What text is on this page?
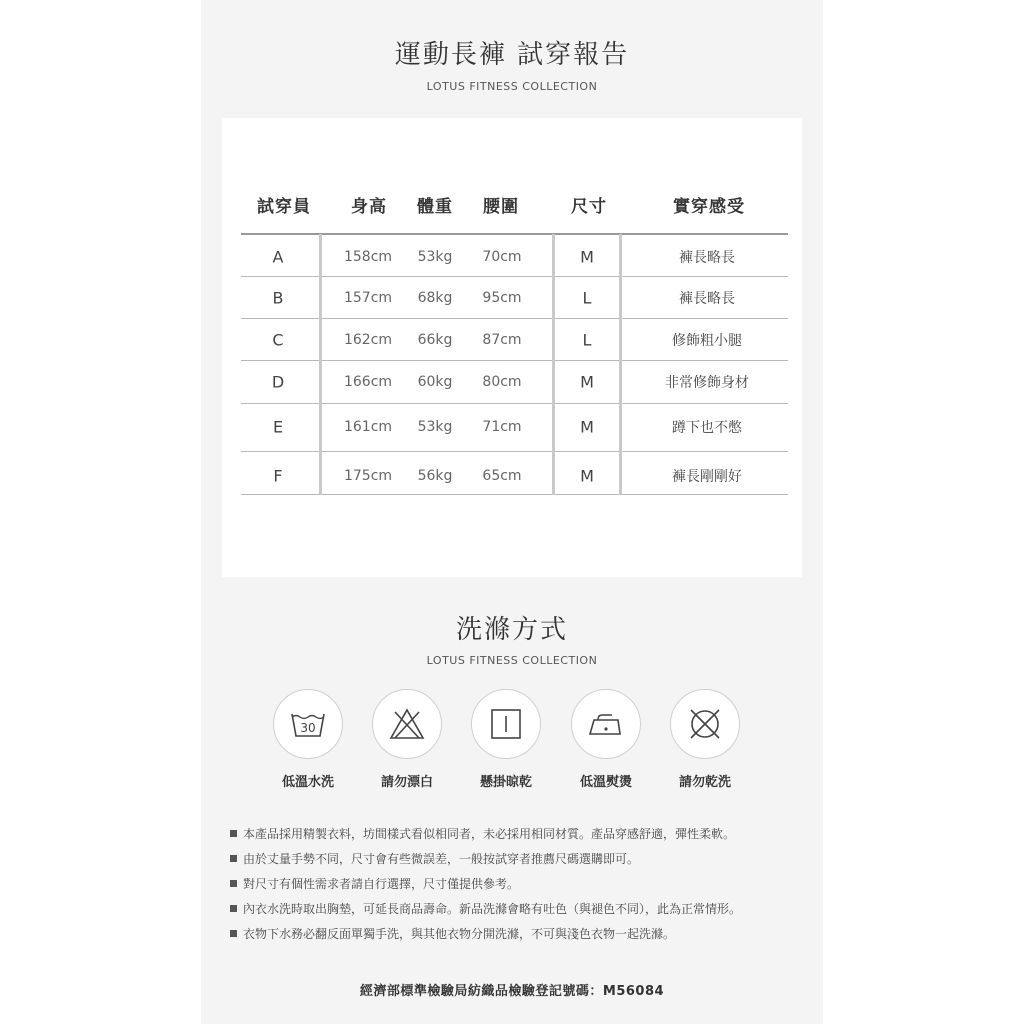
運動長褲 試穿報告
LOTUS FITNESS COLLECTION
洗滌方式
LOTUS FITNESS COLLECTION
試穿員 身高 體重 腰圍	尺寸	實穿感受
A	158cm 53kg 70cm	M	褲長略長
B	157cm 68kg 95cm	L	褲長略長
C	162cm 66kg 87cm	L	修飾粗小腿
D	166cm 60kg 80cm	M	非常修飾身材
E	161cm 53kg 71cm	M	蹲下也不憋
F	175cm 56kg 65cm	M	褲長剛剛好
30
低溫水洗	請勿漂白	懸掛晾乾	低溫熨燙	請勿乾洗
本產品採用精製衣料，坊間樣式看似相同者，未必採用相同材質。產品穿感舒適，彈性柔軟。
由於丈量手勢不同，尺寸會有些微誤差，一般按試穿者推薦尺碼選購即可。
對尺寸有個性需求者請自行選擇，尺寸僅提供參考。
內衣水洗時取出胸墊，可延長商品壽命。新品洗滌會略有吐色（與褪色不同），此為正常情形。
衣物下水務必翻反面單獨手洗，與其他衣物分開洗滌，不可與淺色衣物一起洗滌。
經濟部標準檢驗局紡織品檢驗登記號碼：M56084
